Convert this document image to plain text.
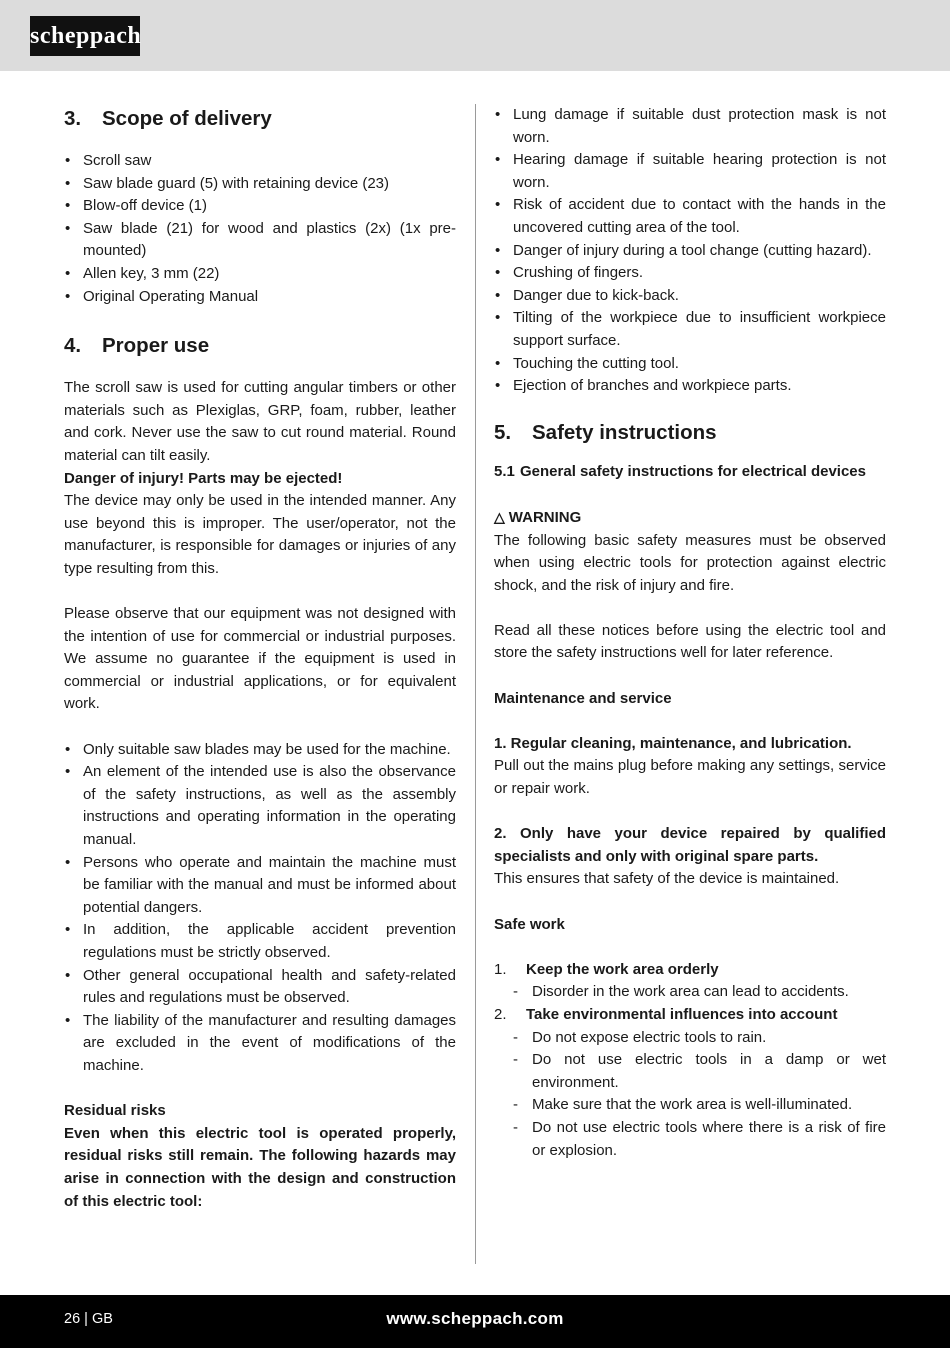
scheppach
3.	Scope of delivery
• Scroll saw
• Saw blade guard (5) with retaining device (23)
• Blow-off device (1)
• Saw blade (21) for wood and plastics (2x) (1x pre-mounted)
• Allen key, 3 mm (22)
• Original Operating Manual
4.	Proper use

The scroll saw is used for cutting angular timbers or other materials such as Plexiglas, GRP, foam, rubber, leather and cork. Never use the saw to cut round material. Round material can tilt easily.

Danger of injury! Parts may be ejected!

The device may only be used in the intended manner. Any use beyond this is improper. The user/operator, not the manufacturer, is responsible for damages or injuries of any type resulting from this.

Please observe that our equipment was not designed with the intention of use for commercial or industrial purposes. We assume no guarantee if the equipment is used in commercial or industrial applications, or for equivalent work.

• Only suitable saw blades may be used for the machine.
• An element of the intended use is also the observance of the safety instructions, as well as the assembly instructions and operating information in the operating manual.
• Persons who operate and maintain the machine must be familiar with the manual and must be informed about potential dangers.
• In addition, the applicable accident prevention regulations must be strictly observed.
• Other general occupational health and safety-related rules and regulations must be observed.
• The liability of the manufacturer and resulting damages are excluded in the event of modifications of the machine.

Residual risks

Even when this electric tool is operated properly, residual risks still remain. The following hazards may arise in connection with the design and construction of this electric tool:

• Lung damage if suitable dust protection mask is not worn.
• Hearing damage if suitable hearing protection is not worn.
• Risk of accident due to contact with the hands in the uncovered cutting area of the tool.
• Danger of injury during a tool change (cutting hazard).
• Crushing of fingers.
• Danger due to kick-back.
• Tilting of the workpiece due to insufficient workpiece support surface.
• Touching the cutting tool.
• Ejection of branches and workpiece parts.
5.	Safety instructions
5.1 General safety instructions for electrical devices

△ WARNING

The following basic safety measures must be observed when using electric tools for protection against electric shock, and the risk of injury and fire.

Read all these notices before using the electric tool and store the safety instructions well for later reference.

Maintenance and service

1. Regular cleaning, maintenance, and lubrication.

Pull out the mains plug before making any settings, service or repair work.

2. Only have your device repaired by qualified specialists and only with original spare parts.

This ensures that safety of the device is maintained.

Safe work

1.	Keep the work area orderly
- Disorder in the work area can lead to accidents.
2.	Take environmental influences into account
- Do not expose electric tools to rain.
- Do not use electric tools in a damp or wet environment.
- Make sure that the work area is well-illuminated.
- Do not use electric tools where there is a risk of fire or explosion.
26 | GB	www.scheppach.com
